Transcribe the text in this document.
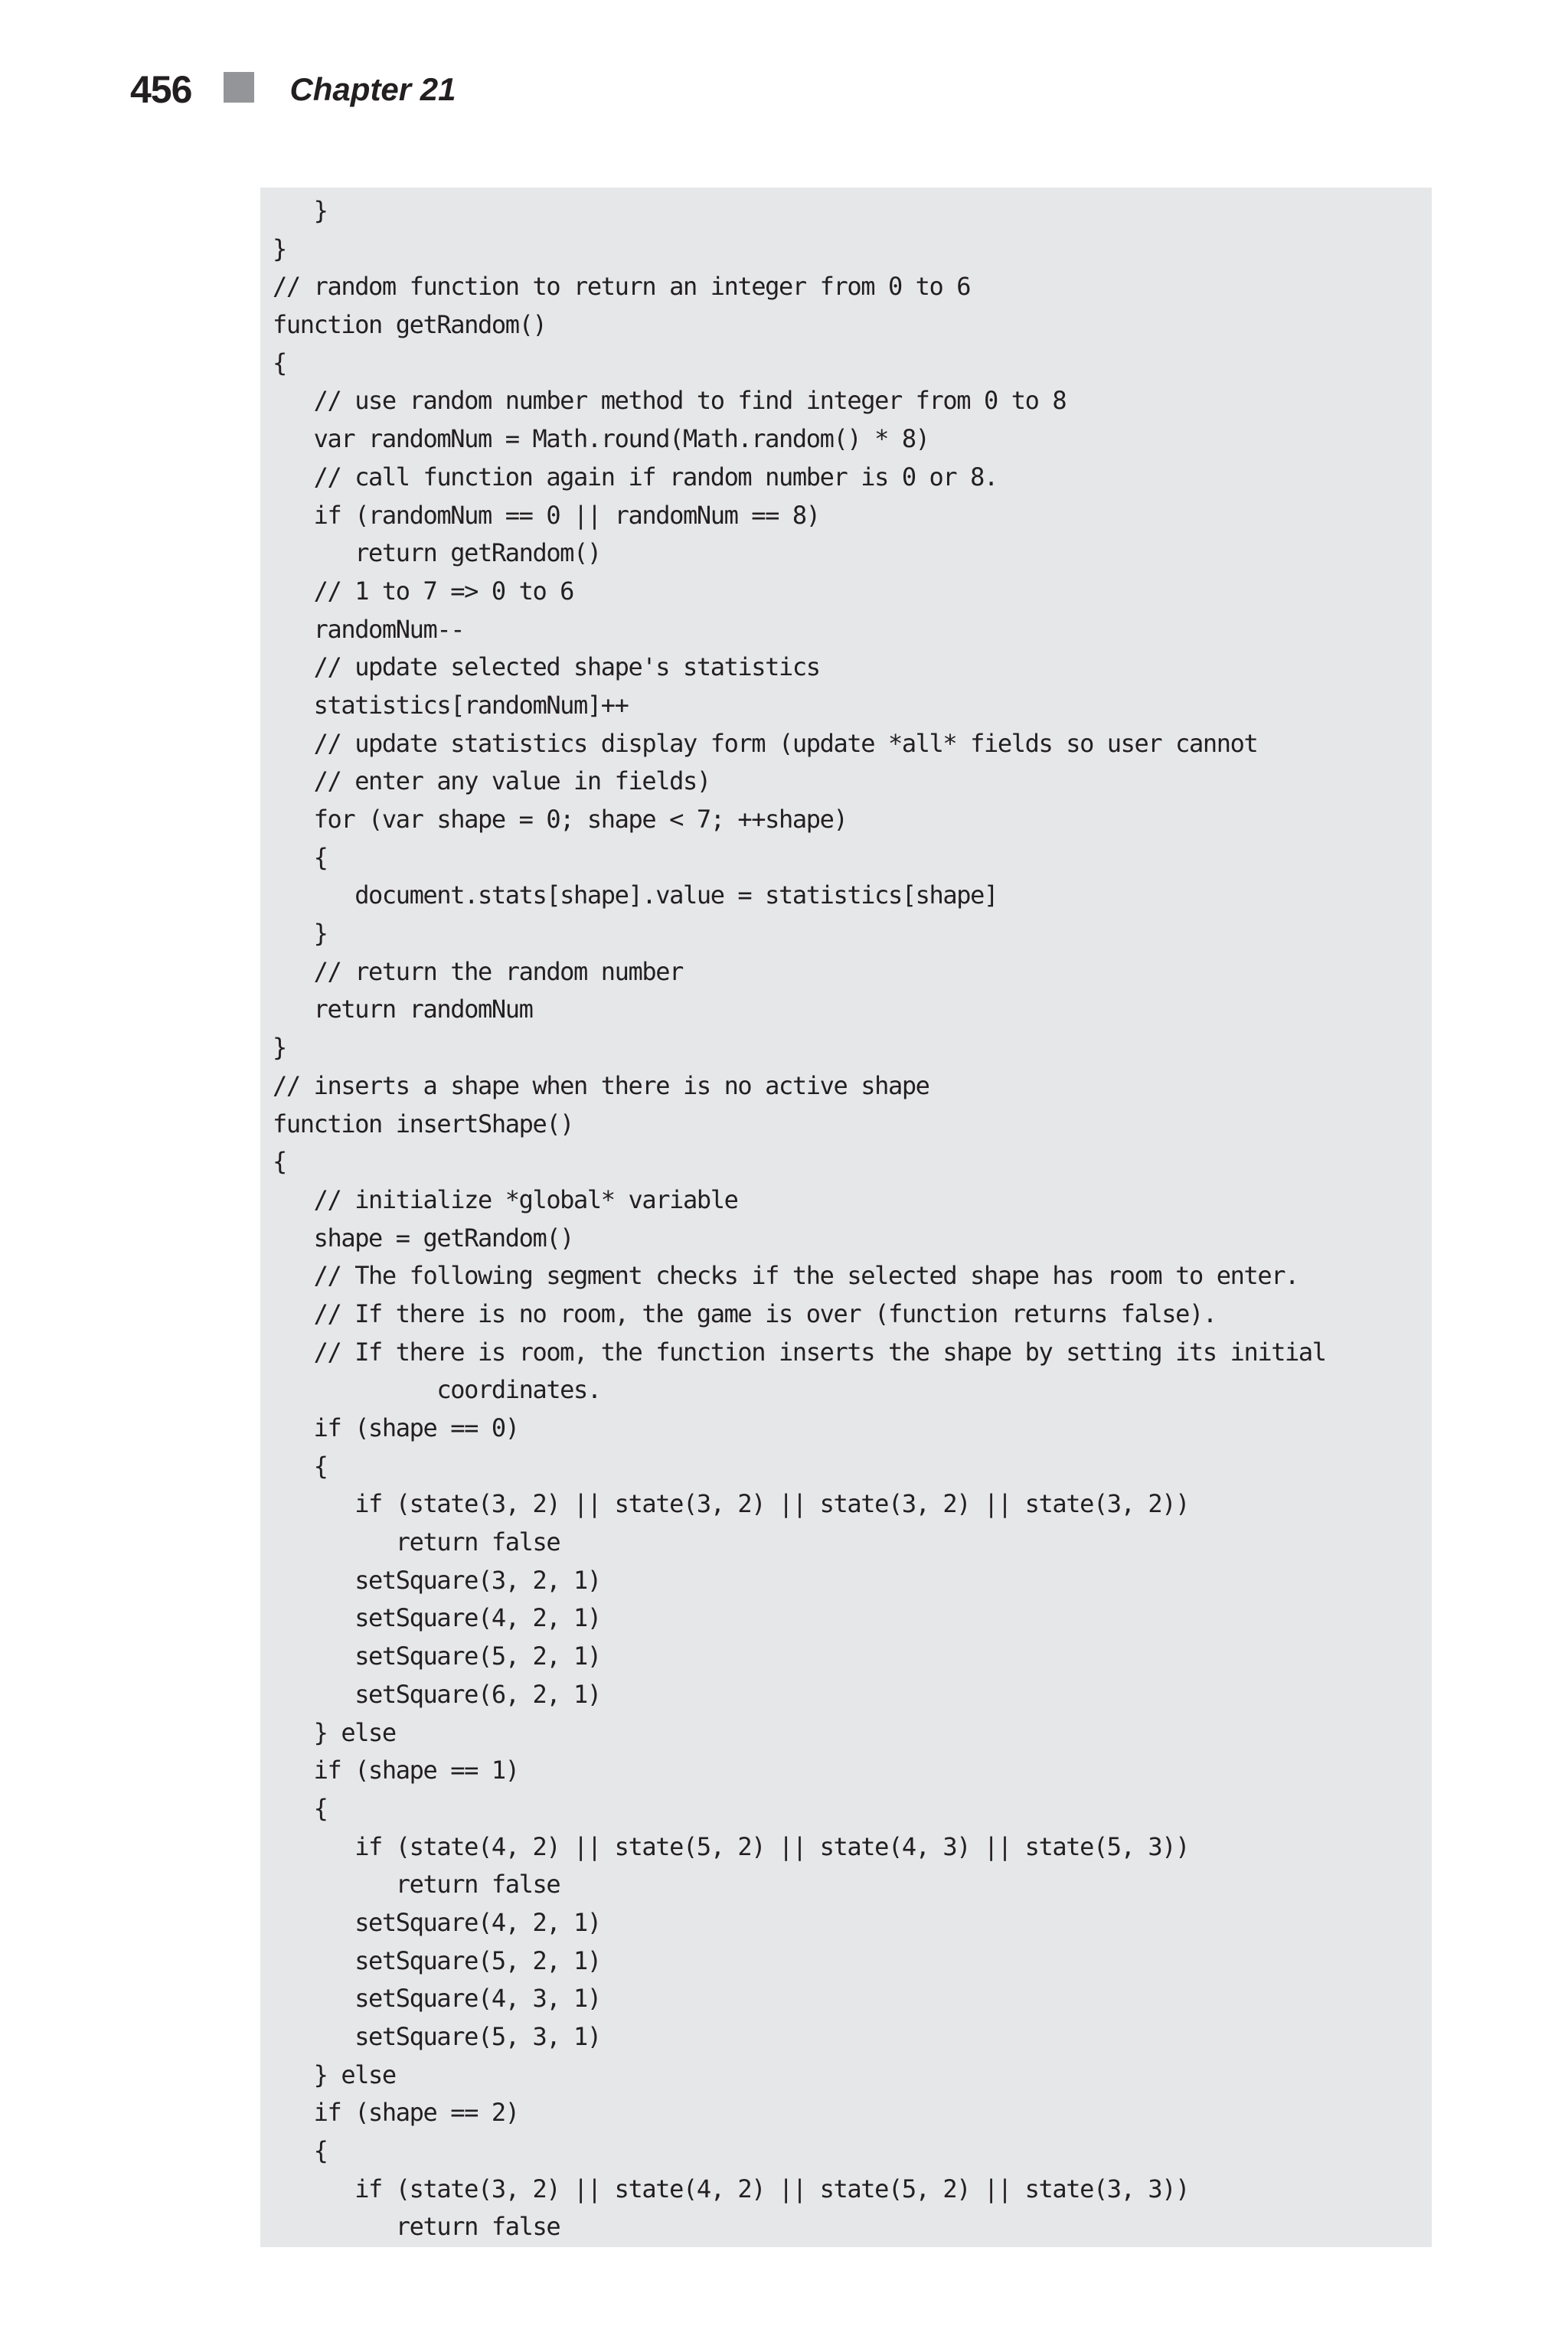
456	Chapter 21
}
}
// random function to return an integer from 0 to 6
function getRandom()
{
// use random number method to find integer from 0 to 8
var randomNum = Math.round(Math.random() * 8)
// call function again if random number is 0 or 8.
if (randomNum == 0 || randomNum == 8)
return getRandom()
// 1 to 7 => 0 to 6
randomNum--
// update selected shape's statistics
statistics[randomNum]++
// update statistics display form (update *all* fields so user cannot
// enter any value in fields)
for (var shape = 0; shape < 7; ++shape)
{
document.stats[shape].value = statistics[shape]
}
// return the random number
return randomNum
}
// inserts a shape when there is no active shape
function insertShape()
{
// initialize *global* variable
shape = getRandom()
// The following segment checks if the selected shape has room to enter.
// If there is no room, the game is over (function returns false).
// If there is room, the function inserts the shape by setting its initial
coordinates.
if (shape == 0)
{
if (state(3, 2) || state(3, 2) || state(3, 2) || state(3, 2))
return false
setSquare(3, 2, 1)
setSquare(4, 2, 1)
setSquare(5, 2, 1)
setSquare(6, 2, 1)
} else
if (shape == 1)
{
if (state(4, 2) || state(5, 2) || state(4, 3) || state(5, 3))
return false
setSquare(4, 2, 1)
setSquare(5, 2, 1)
setSquare(4, 3, 1)
setSquare(5, 3, 1)
} else
if (shape == 2)
{
if (state(3, 2) || state(4, 2) || state(5, 2) || state(3, 3))
return false
